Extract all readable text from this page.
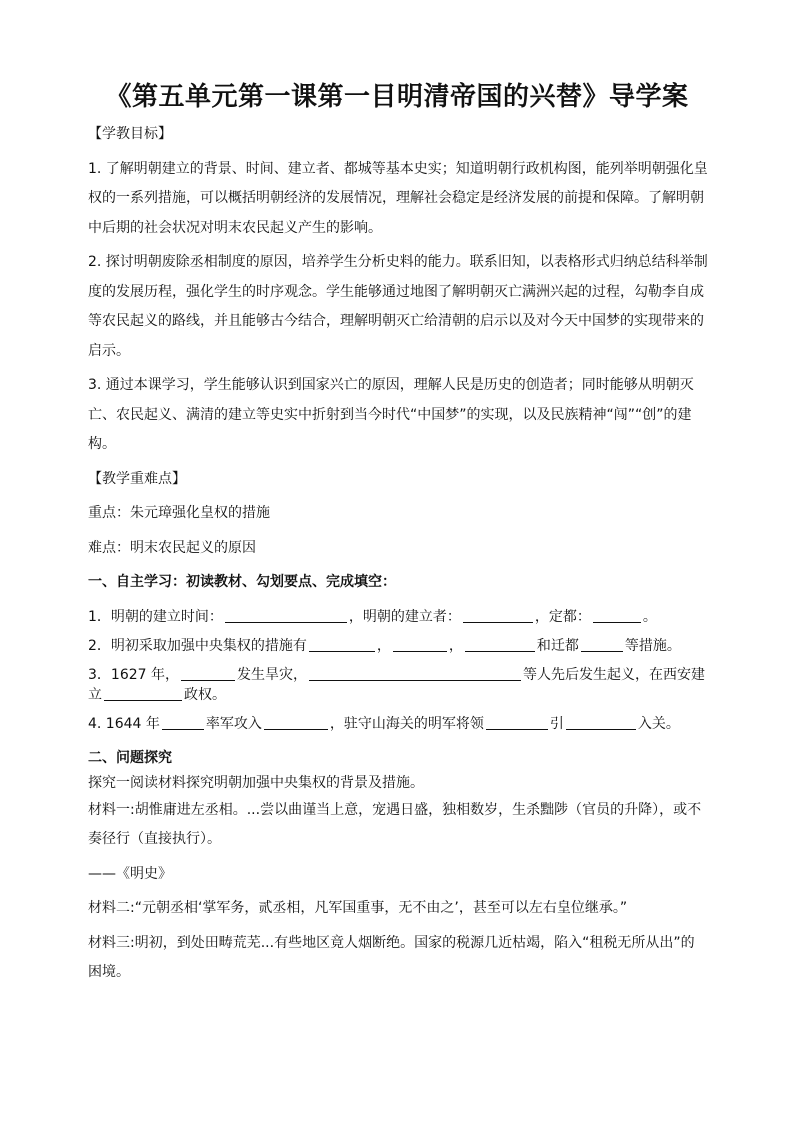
《第五单元第一课第一目明清帝国的兴替》导学案

【学教目标】

1. 了解明朝建立的背景、时间、建立者、都城等基本史实；知道明朝行政机构图，能列举明朝强化皇权的一系列措施，可以概括明朝经济的发展情况，理解社会稳定是经济发展的前提和保障。了解明朝中后期的社会状况对明末农民起义产生的影响。

2. 探讨明朝废除丞相制度的原因，培养学生分析史料的能力。联系旧知，以表格形式归纳总结科举制度的发展历程，强化学生的时序观念。学生能够通过地图了解明朝灭亡满洲兴起的过程，勾勒李自成等农民起义的路线，并且能够古今结合，理解明朝灭亡给清朝的启示以及对今天中国梦的实现带来的启示。

3. 通过本课学习，学生能够认识到国家兴亡的原因，理解人民是历史的创造者；同时能够从明朝灭亡、农民起义、满清的建立等史实中折射到当今时代“中国梦”的实现，以及民族精神“闯”“创”的建构。

【教学重难点】

重点：朱元璋强化皇权的措施

难点：明末农民起义的原因

一、自主学习：初读教材、勾划要点、完成填空：

1．明朝的建立时间：	，明朝的建立者：	，定都：	。

2．明初采取加强中央集权的措施有	，	，	和迁都	等措施。

3．1627 年，	发生旱灾，	等人先后发生起义，在西安建立	政权。

4. 1644 年	率军攻入	，驻守山海关的明军将领	引	入关。

二、问题探究

探究一阅读材料探究明朝加强中央集权的背景及措施。

材料一:胡惟庸进左丞相。...尝以曲谨当上意，宠遇日盛，独相数岁，生杀黜陟（官员的升降），或不奏径行（直接执行）。

——《明史》

材料二:“元朝丞相‘掌军务，贰丞相，凡军国重事，无不由之’，甚至可以左右皇位继承。”

材料三:明初，到处田畴荒芜...有些地区竟人烟断绝。国家的税源几近枯竭，陷入“租税无所从出”的困境。
